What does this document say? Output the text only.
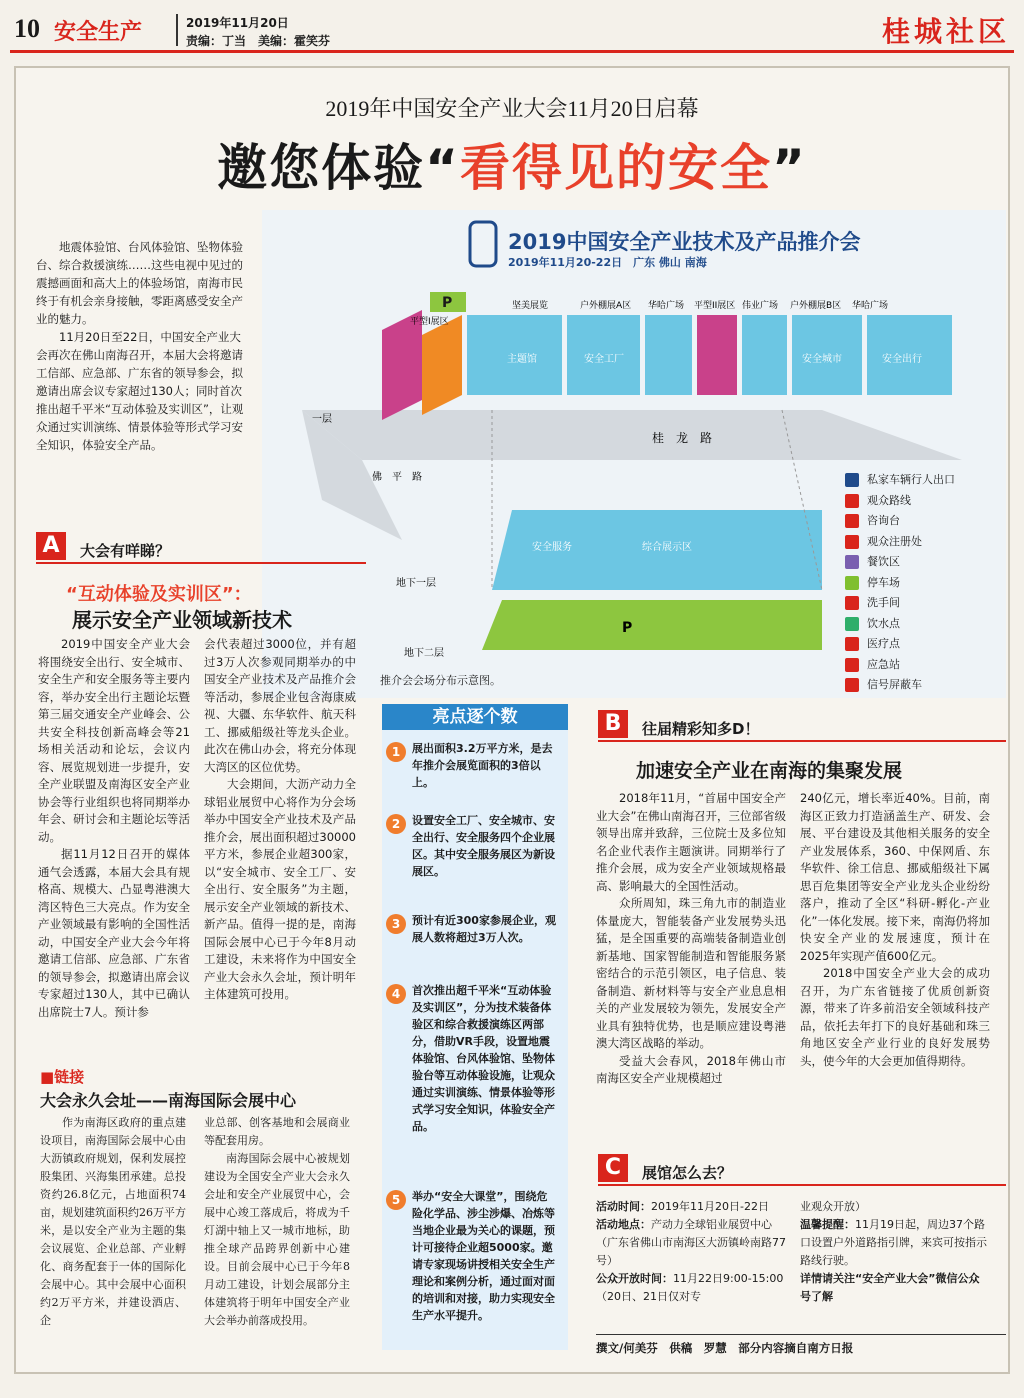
10 安全生产	2019年11月20日
责编：丁当　美编：霍笑芬	桂城社区
2019年中国安全产业大会11月20日启幕
邀您体验“看得见的安全”

地震体验馆、台风体验馆、坠物体验台、综合救援演练……这些电视中见过的震撼画面和高大上的体验场馆，南海市民终于有机会亲身接触，零距离感受安全产业的魅力。

11月20日至22日，中国安全产业大会再次在佛山南海召开，本届大会将邀请工信部、应急部、广东省的领导参会，拟邀请出席会议专家超过130人；同时首次推出超千平米“互动体验及实训区”，让观众通过实训演练、情景体验等形式学习安全知识，体验安全产品。

P
P
坚美展览	户外棚展A区 华哈广场 平型II展区 伟业广场 户外棚展B区 华哈广场
平型Ⅰ展区
主题馆	安全工厂	安全城市	安全出行
安全服务	综合展示区
桂　龙　路
佛　平　路
一层
地下一层
地下二层
2019中国安全产业技术及产品推介会
2019年11月20-22日　广东 佛山 南海
推介会会场分布示意图。
私家车辆行人出口
观众路线
咨询台
观众注册处
餐饮区
停车场
洗手间
饮水点
医疗点
应急站
信号屏蔽车
A	大会有咩睇？
“互动体验及实训区”：
展示安全产业领域新技术

2019中国安全产业大会将围绕安全出行、安全城市、安全生产和安全服务等主要内容，举办安全出行主题论坛暨第三届交通安全产业峰会、公共安全科技创新高峰会等21场相关活动和论坛，会议内容、展览规划进一步提升，安全产业联盟及南海区安全产业协会等行业组织也将同期举办年会、研讨会和主题论坛等活动。

据11月12日召开的媒体通气会透露，本届大会具有规格高、规模大、凸显粤港澳大湾区特色三大亮点。作为安全产业领域最有影响的全国性活动，中国安全产业大会今年将邀请工信部、应急部、广东省的领导参会，拟邀请出席会议专家超过130人，其中已确认出席院士7人。预计参

会代表超过3000位，并有超过3万人次参观同期举办的中国安全产业技术及产品推介会等活动，参展企业包含海康威视、大疆、东华软件、航天科工、挪威船级社等龙头企业。此次在佛山办会，将充分体现大湾区的区位优势。

大会期间，大沥产动力全球铝业展贸中心将作为分会场举办中国安全产业技术及产品推介会，展出面积超过30000平方米，参展企业超300家，以“安全城市、安全工厂、安全出行、安全服务”为主题，展示安全产业领域的新技术、新产品。值得一提的是，南海国际会展中心已于今年8月动工建设，未来将作为中国安全产业大会永久会址，预计明年主体建筑可投用。

■链接
大会永久会址——南海国际会展中心

作为南海区政府的重点建设项目，南海国际会展中心由大沥镇政府规划，保利发展控股集团、兴海集团承建。总投资约26.8亿元，占地面积74亩，规划建筑面积约26万平方米，是以安全产业为主题的集会议展览、企业总部、产业孵化、商务配套于一体的国际化会展中心。其中会展中心面积约2万平方米，并建设酒店、企

业总部、创客基地和会展商业等配套用房。

南海国际会展中心被规划建设为全国安全产业大会永久会址和安全产业展贸中心，会展中心竣工落成后，将成为千灯湖中轴上又一城市地标，助推全球产品跨界创新中心建设。目前会展中心已于今年8月动工建设，计划会展部分主体建筑将于明年中国安全产业大会举办前落成投用。

亮点逐个数
1	展出面积3.2万平方米，是去年推介会展览面积的3倍以上。
2	设置安全工厂、安全城市、安全出行、安全服务四个企业展区。其中安全服务展区为新设展区。
3	预计有近300家参展企业，观展人数将超过3万人次。
4	首次推出超千平米“互动体验及实训区”，分为技术装备体验区和综合救援演练区两部分，借助VR手段，设置地震体验馆、台风体验馆、坠物体验台等互动体验设施，让观众通过实训演练、情景体验等形式学习安全知识，体验安全产品。
5	举办“安全大课堂”，围绕危险化学品、涉尘涉爆、冶炼等当地企业最为关心的课题，预计可接待企业超5000家。邀请专家现场讲授相关安全生产理论和案例分析，通过面对面的培训和对接，助力实现安全生产水平提升。
B	往届精彩知多D！
加速安全产业在南海的集聚发展

2018年11月，“首届中国安全产业大会”在佛山南海召开，三位部省级领导出席并致辞，三位院士及多位知名企业代表作主题演讲。同期举行了推介会展，成为安全产业领域规格最高、影响最大的全国性活动。

众所周知，珠三角九市的制造业体量庞大，智能装备产业发展势头迅猛，是全国重要的高端装备制造业创新基地、国家智能制造和智能服务紧密结合的示范引领区，电子信息、装备制造、新材料等与安全产业息息相关的产业发展较为领先，发展安全产业具有独特优势，也是顺应建设粤港澳大湾区战略的举动。

受益大会春风，2018年佛山市南海区安全产业规模超过

240亿元，增长率近40%。目前，南海区正致力打造涵盖生产、研发、会展、平台建设及其他相关服务的安全产业发展体系，360、中保网盾、东华软件、徐工信息、挪威船级社下属思百危集团等安全产业龙头企业纷纷落户，推动了全区“科研-孵化-产业化”一体化发展。接下来，南海仍将加快安全产业的发展速度，预计在2025年实现产值600亿元。

2018中国安全产业大会的成功召开，为广东省链接了优质创新资源，带来了许多前沿安全领域科技产品，依托去年打下的良好基础和珠三角地区安全产业行业的良好发展势头，使今年的大会更加值得期待。

C	展馆怎么去？
活动时间：2019年11月20日-22日
活动地点：产动力全球铝业展贸中心（广东省佛山市南海区大沥镇岭南路77号）
公众开放时间：11月22日9:00-15:00（20日、21日仅对专
业观众开放）
温馨提醒：11月19日起，周边37个路口设置户外道路指引牌，来宾可按指示路线行驶。
详情请关注“安全产业大会”微信公众号了解
撰文/何美芬　供稿　罗慧　部分内容摘自南方日报
